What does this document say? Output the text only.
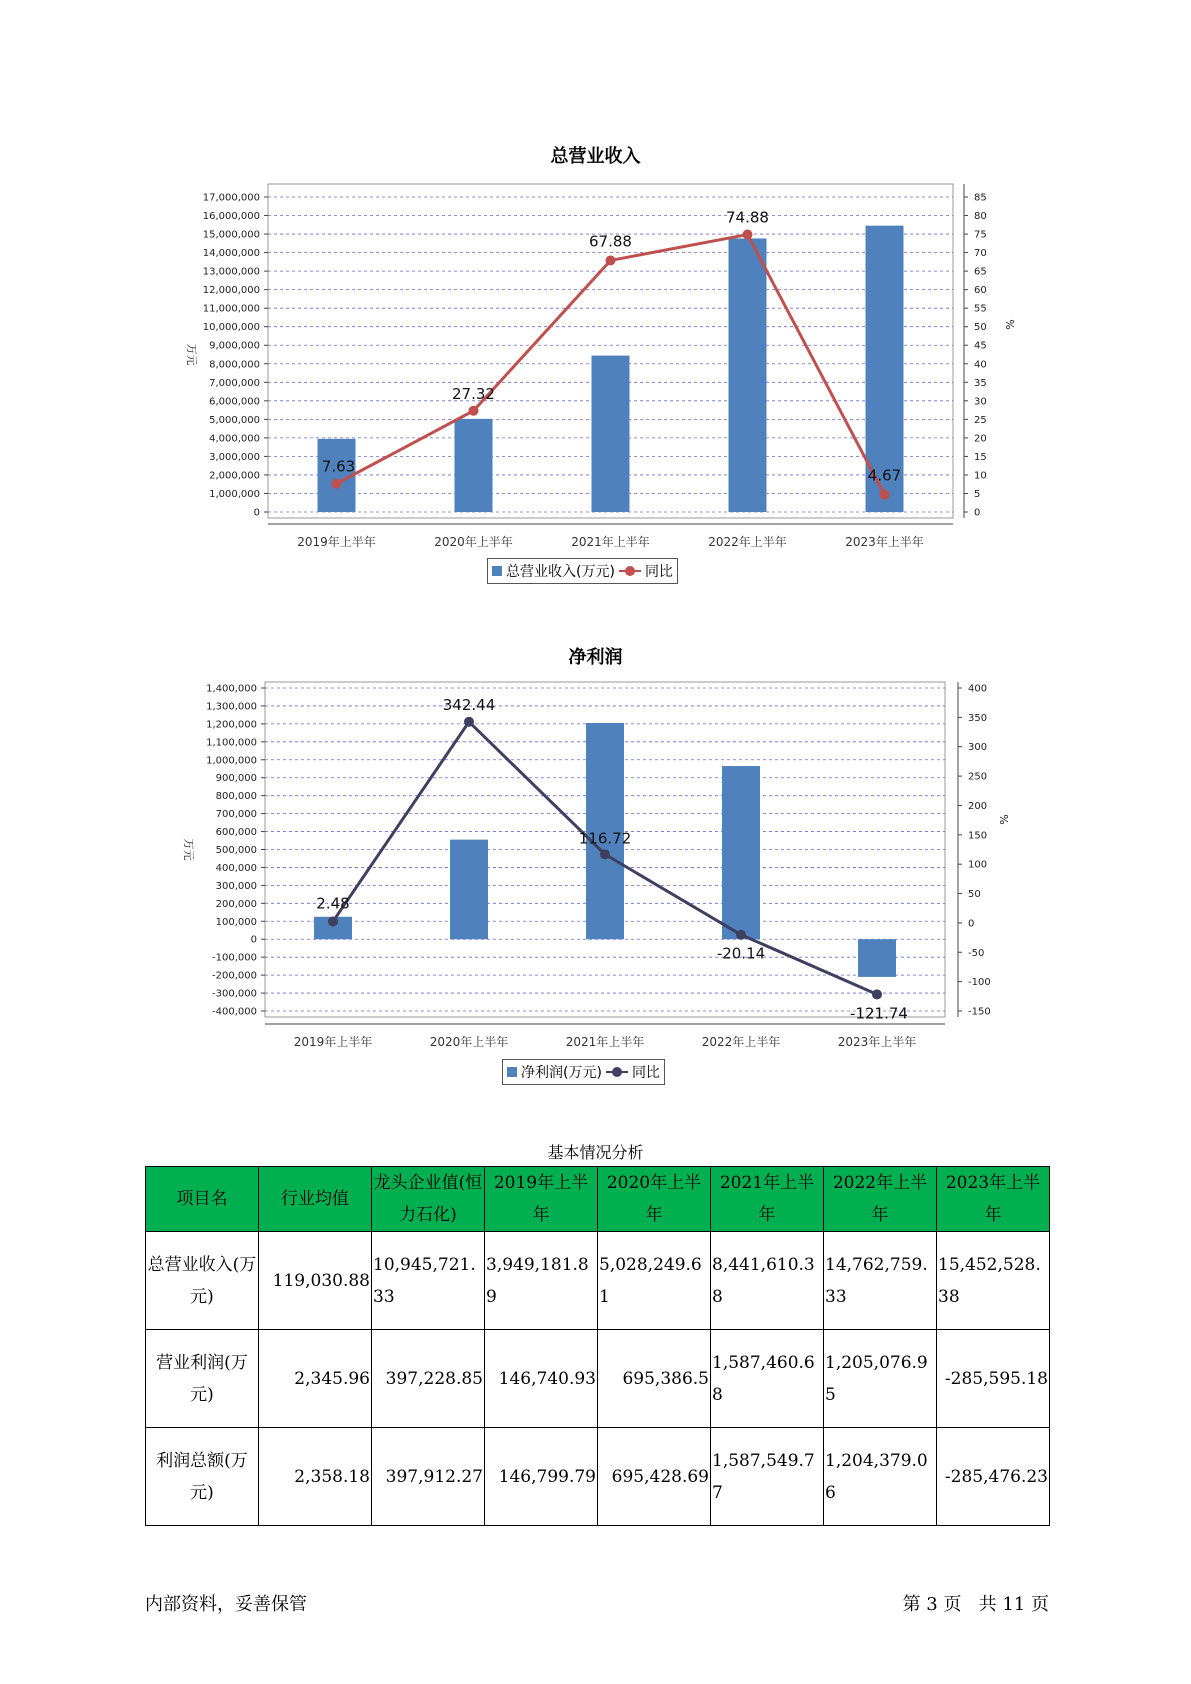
总营业收入
17,000,000
16,000,000
15,000,000
14,000,000
13,000,000
12,000,000
11,000,000
10,000,000
9,000,000
8,000,000
7,000,000
6,000,000
5,000,000
4,000,000
3,000,000
2,000,000
1,000,000
0
85
80
75
70
65
60
55
50
45
40
35
30
25
20
15
10
5
0
万元
%
2019年上半年	2020年上半年	2021年上半年	2022年上半年	2023年上半年
7.63
27.32
67.88
74.88
4.67
总营业收入(万元) 同比
净利润
1,400,000
1,300,000
1,200,000
1,100,000
1,000,000
900,000
800,000
700,000
600,000
500,000
400,000
300,000
200,000
100,000
0
-100,000
-200,000
-300,000
-400,000
400
350
300
250
200
150
100
50
0
-50
-100
-150
万元
%
2019年上半年	2020年上半年	2021年上半年	2022年上半年	2023年上半年
2.48
342.44
116.72
-20.14
-121.74
净利润(万元) 同比
基本情况分析
项目名	行业均值	龙头企业值(恒力石化)	2019年上半年	2020年上半年	2021年上半年	2022年上半年	2023年上半年
总营业收入(万元)	119,030.88	10,945,721.33	3,949,181.89	5,028,249.61	8,441,610.38	14,762,759.33	15,452,528.38
营业利润(万元)	2,345.96	397,228.85	146,740.93	695,386.5	1,587,460.68	1,205,076.95	-285,595.18
利润总额(万元)	2,358.18	397,912.27	146,799.79	695,428.69	1,587,549.77	1,204,379.06	-285,476.23
内部资料，妥善保管	第 3 页   共 11 页
